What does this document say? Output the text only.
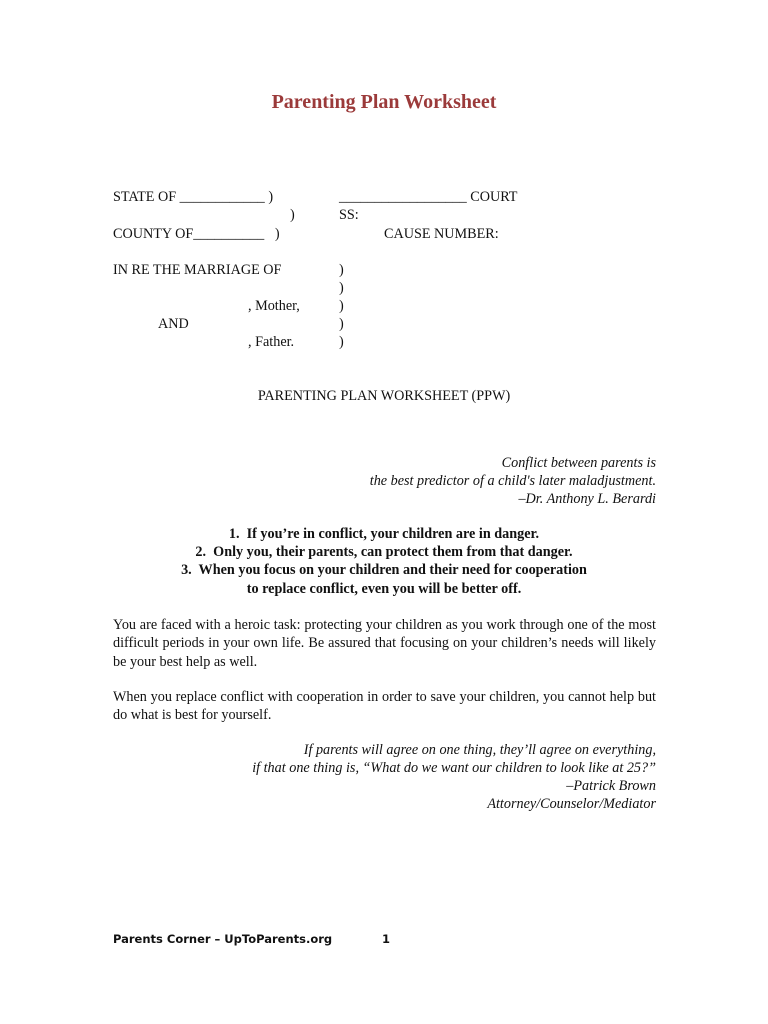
Parenting Plan Worksheet
STATE OF ____________ )
)
COUNTY OF__________   )
__________________ COURT
SS:
CAUSE NUMBER:
IN RE THE MARRIAGE OF
, Mother,
AND
, Father.
)
)
)
)
)
PARENTING PLAN WORKSHEET (PPW)
Conflict between parents is
the best predictor of a child's later maladjustment.
–Dr. Anthony L. Berardi
1.  If you’re in conflict, your children are in danger.
2.  Only you, their parents, can protect them from that danger.
3.  When you focus on your children and their need for cooperation
to replace conflict, even you will be better off.
You are faced with a heroic task: protecting your children as you work through one of the most difficult periods in your own life. Be assured that focusing on your children’s needs will likely be your best help as well.
When you replace conflict with cooperation in order to save your children, you cannot help but do what is best for yourself.
If parents will agree on one thing, they’ll agree on everything,
if that one thing is, “What do we want our children to look like at 25?”
–Patrick Brown
Attorney/Counselor/Mediator
Parents Corner – UpToParents.org	1
